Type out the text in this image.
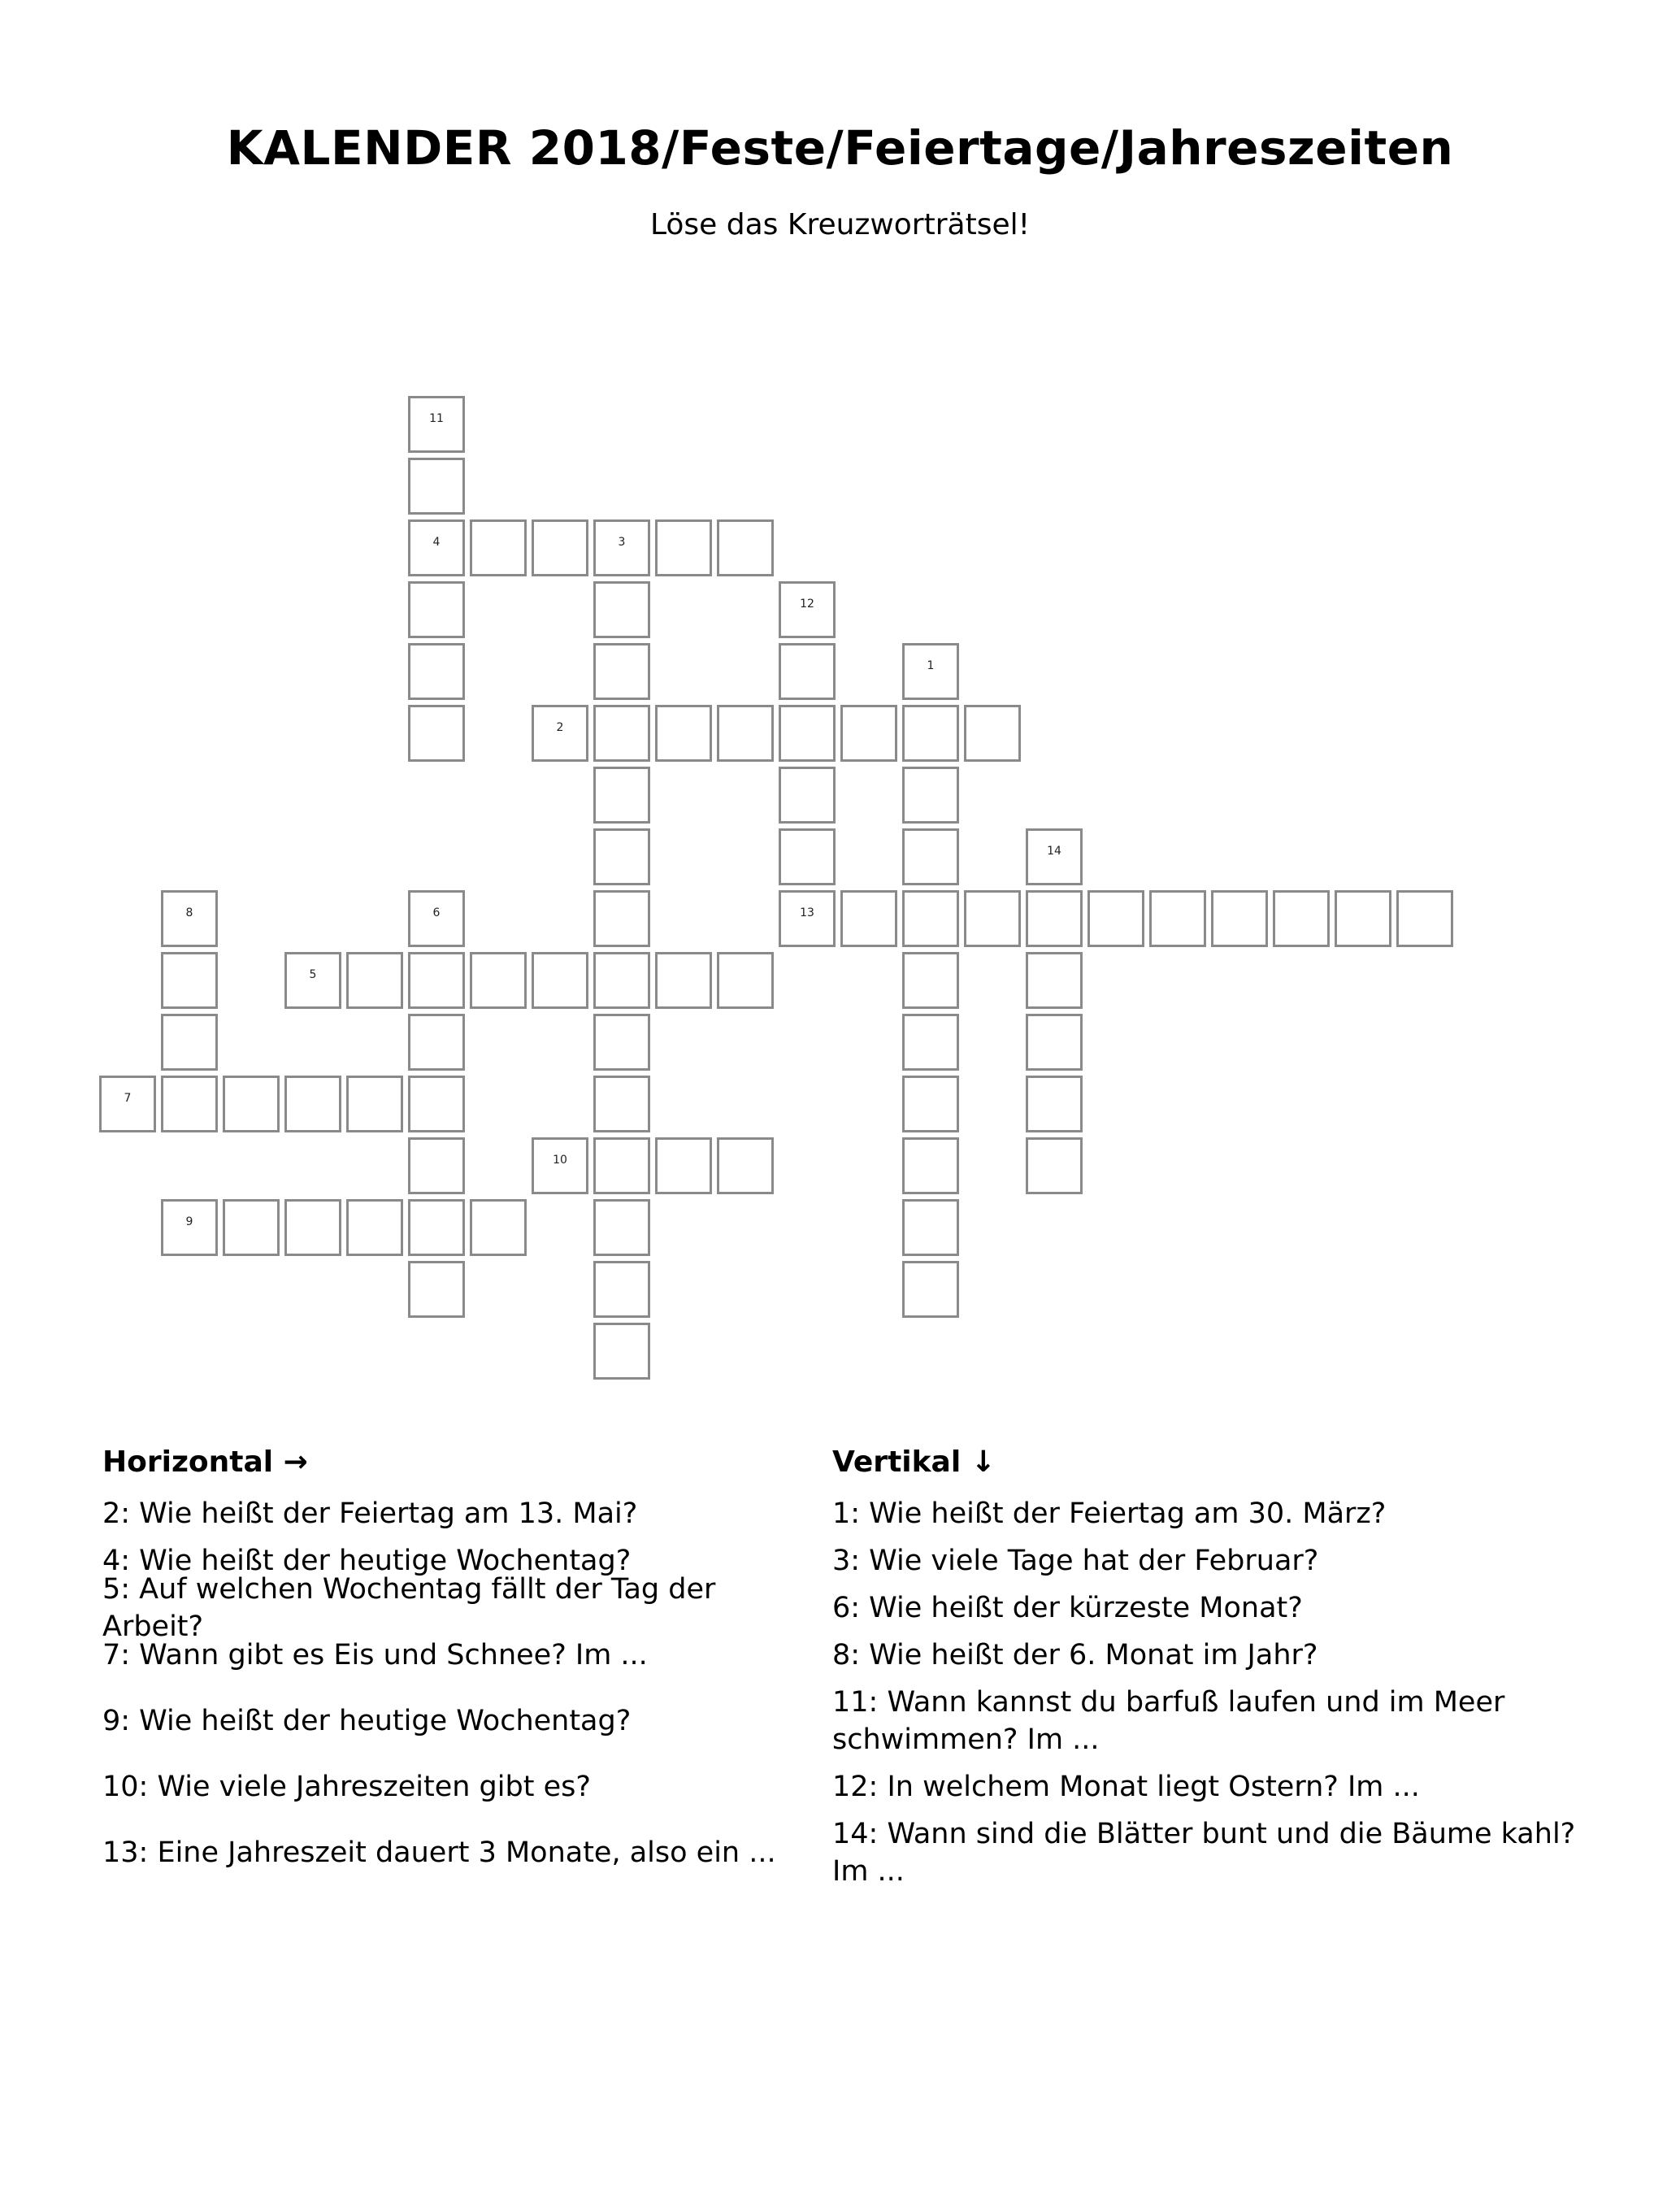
KALENDER 2018/Feste/Feiertage/Jahreszeiten
Löse das Kreuzworträtsel!
1
2
3
4
5
6
7
8
9
10
11
12
13
14
Horizontal →
2: Wie heißt der Feiertag am 13. Mai?
4: Wie heißt der heutige Wochentag?
5: Auf welchen Wochentag fällt der Tag der Arbeit?
7: Wann gibt es Eis und Schnee? Im ...
9: Wie heißt der heutige Wochentag?
10: Wie viele Jahreszeiten gibt es?
13: Eine Jahreszeit dauert 3 Monate, also ein ...
Vertikal ↓
1: Wie heißt der Feiertag am 30. März?
3: Wie viele Tage hat der Februar?
6: Wie heißt der kürzeste Monat?
8: Wie heißt der 6. Monat im Jahr?
11: Wann kannst du barfuß laufen und im Meer schwimmen? Im ...
12: In welchem Monat liegt Ostern? Im ...
14: Wann sind die Blätter bunt und die Bäume kahl? Im ...
